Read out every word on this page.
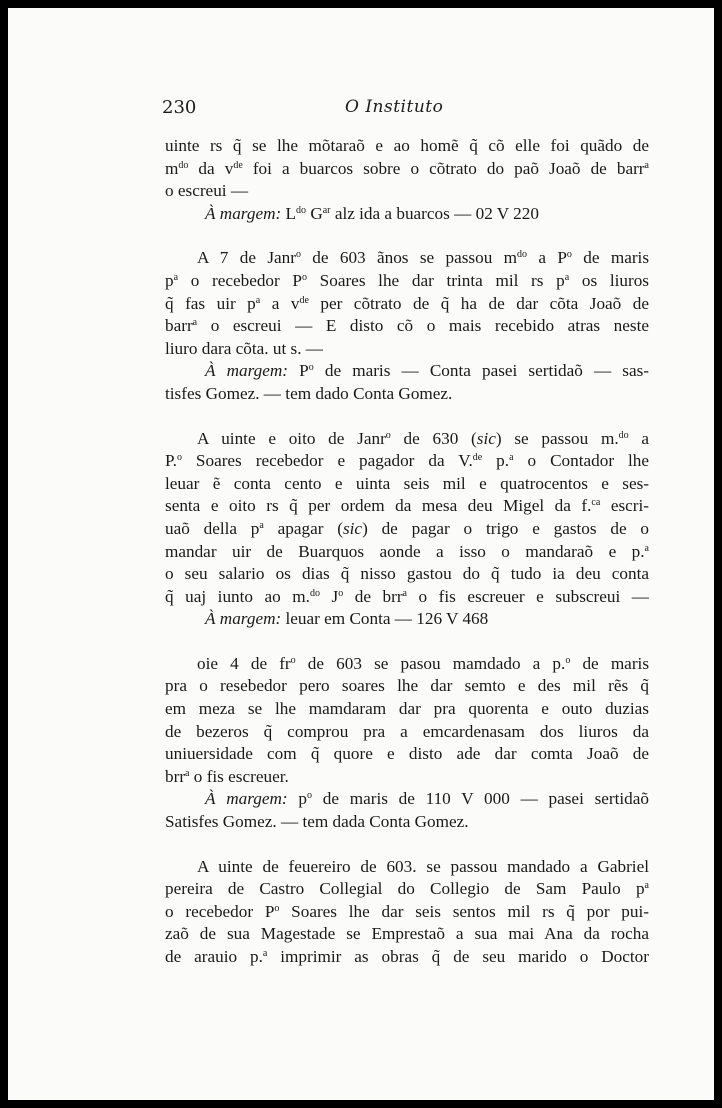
230	O Instituto

uinte rs q̃ se lhe mõtaraõ e ao homẽ q̃ cõ elle foi quãdo de
$m^{do}$ da $v^{de}$ foi a buarcos sobre o cõtrato do paõ Joaõ de barr$^a$
o escreui —

À margem: $L^{do}$ $G^{ar}$ alz ida a buarcos — 02 V 220

A 7 de Janr$^o$ de 603 ãnos se passou $m^{do}$ a $P^o$ de maris
$p^a$ o recebedor $P^o$ Soares lhe dar trinta mil rs $p^a$ os liuros
q̃ fas uir $p^a$ a $v^{de}$ per cõtrato de q̃ ha de dar cõta Joaõ de
barr$^a$ o escreui — E disto cõ o mais recebido atras neste
liuro dara cõta. ut s. —

À margem: $P^o$ de maris — Conta pasei sertidaõ — sas-
tisfes Gomez. — tem dado Conta Gomez.

A uinte e oito de Janr$^o$ de 630 (sic) se passou m.$^{do}$ a
P.$^o$ Soares recebedor e pagador da V.$^{de}$ p.$^a$ o Contador lhe
leuar ẽ conta cento e uinta seis mil e quatrocentos e ses-
senta e oito rs q̃ per ordem da mesa deu Migel da f.$^{ca}$ escri-
uaõ della $p^a$ apagar (sic) de pagar o trigo e gastos de o
mandar uir de Buarquos aonde a isso o mandaraõ e p.$^a$
o seu salario os dias q̃ nisso gastou do q̃ tudo ia deu conta
q̃ uaj iunto ao m.$^{do}$ $J^o$ de brr$^a$ o fis escreuer e subscreui —

À margem: leuar em Conta — 126 V 468

oie 4 de $fr^o$ de 603 se pasou mamdado a p.$^o$ de maris
pra o resebedor pero soares lhe dar semto e des mil rẽs q̃
em meza se lhe mamdaram dar pra quorenta e outo duzias
de bezeros q̃ comprou pra a emcardenasam dos liuros da
uniuersidade com q̃ quore e disto ade dar comta Joaõ de
brr$^a$ o fis escreuer.

À margem: $p^o$ de maris de 110 V 000 — pasei sertidaõ
Satisfes Gomez. — tem dada Conta Gomez.

A uinte de feuereiro de 603. se passou mandado a Gabriel
pereira de Castro Collegial do Collegio de Sam Paulo $p^a$
o recebedor $P^o$ Soares lhe dar seis sentos mil rs q̃ por pui-
zaõ de sua Magestade se Emprestaõ a sua mai Ana da rocha
de arauio p.$^a$ imprimir as obras q̃ de seu marido o Doctor
